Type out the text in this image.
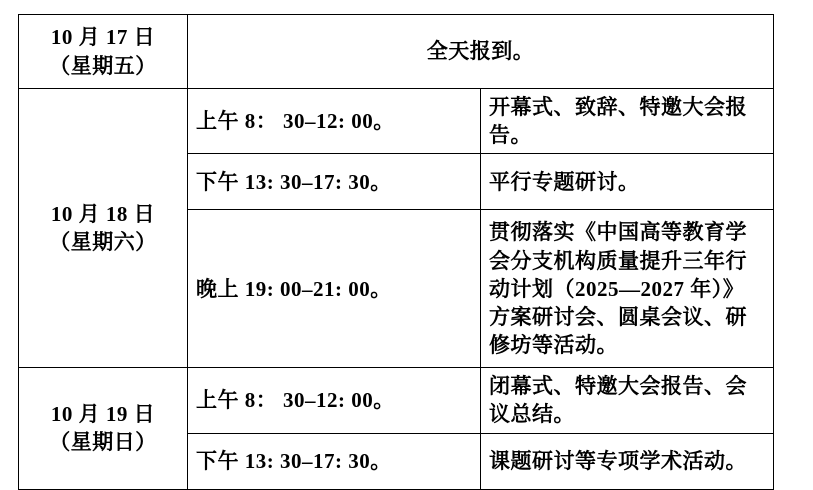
10 月 17 日
（星期五）	全天报到。	

10 月 18 日
（星期六）	上午 8： 30–12: 00。	开幕式、致辞、特邀大会报告。
	下午 13: 30–17: 30。	平行专题研讨。
	晚上 19: 00–21: 00。	贯彻落实《中国高等教育学会分支机构质量提升三年行动计划（2025—2027 年）》方案研讨会、圆桌会议、研修坊等活动。

10 月 19 日
（星期日）	上午 8： 30–12: 00。	闭幕式、特邀大会报告、会议总结。
	下午 13: 30–17: 30。	课题研讨等专项学术活动。
